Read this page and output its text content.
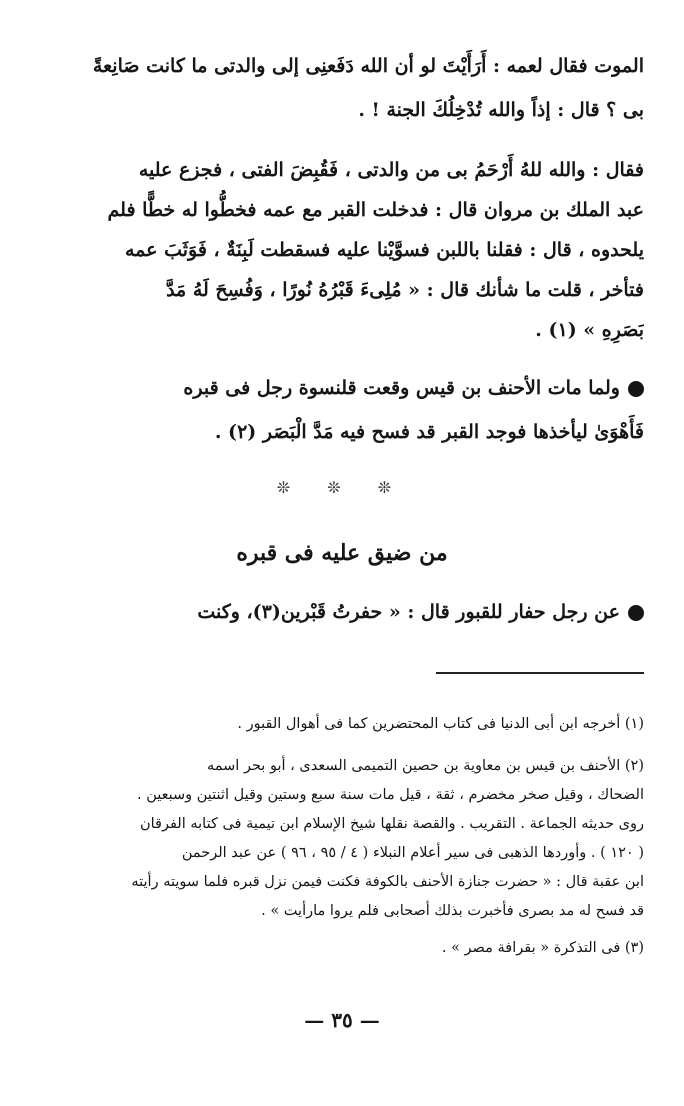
الموت فقال لعمه : أَرَأَيْتَ لو أن الله دَفَعنِى إلى والدتى ما كانت صَانِعةً
بى ؟ قال : إذاً والله تُدْخِلُكَ الجنة ! .

فقال : والله للهُ أَرْحَمُ بى من والدتى ، فَقُبِضَ الفتى ، فجزع عليه
عبد الملك بن مروان قال : فدخلت القبر مع عمه فخطُّوا له خطًّا فلم
يلحدوه ، قال : فقلنا باللبن فسوَّيْنا عليه فسقطت لَبِنَةٌ ، فَوَثَبَ عمه
فتأخر ، قلت ما شأنك قال : « مُلِىءَ قَبْرُهُ نُورًا ، وَفُسِحَ لَهُ مَدَّ
بَصَرِهِ » (١) .

ولما مات الأحنف بن قيس وقعت قلنسوة رجل فى قبره
فَأَهْوَىٰ ليأخذها فوجد القبر قد فسح فيه مَدَّ الْبَصَر (٢) .

❊ ❊ ❊
من ضيق عليه فى قبره

عن رجل حفار للقبور قال : « حفرتُ قَبْرين(٣)، وكنت

(١) أخرجه ابن أبى الدنيا فى كتاب المحتضرين كما فى أهوال القبور .
(٢) الأحنف بن قيس بن معاوية بن حصين التميمى السعدى ، أبو بحر اسمه
الضحاك ، وقيل صخر مخضرم ، ثقة ، قيل مات سنة سبع وستين وقيل اثنتين وسبعين .
روى حديثه الجماعة . التقريب . والقصة نقلها شيخ الإسلام ابن تيمية فى كتابه الفرقان
( ١٢٠ ) . وأوردها الذهبى فى سير أعلام النبلاء ( ٤ / ٩٥ ، ٩٦ ) عن عبد الرحمن
ابن عقبة قال : « حضرت جنازة الأحنف بالكوفة فكنت فيمن نزل قبره فلما سويته رأيته
قد فسح له مد بصرى فأخبرت بذلك أصحابى فلم يروا مارأيت » .
(٣) فى التذكرة « بقرافة مصر » .
— ٣٥ —
